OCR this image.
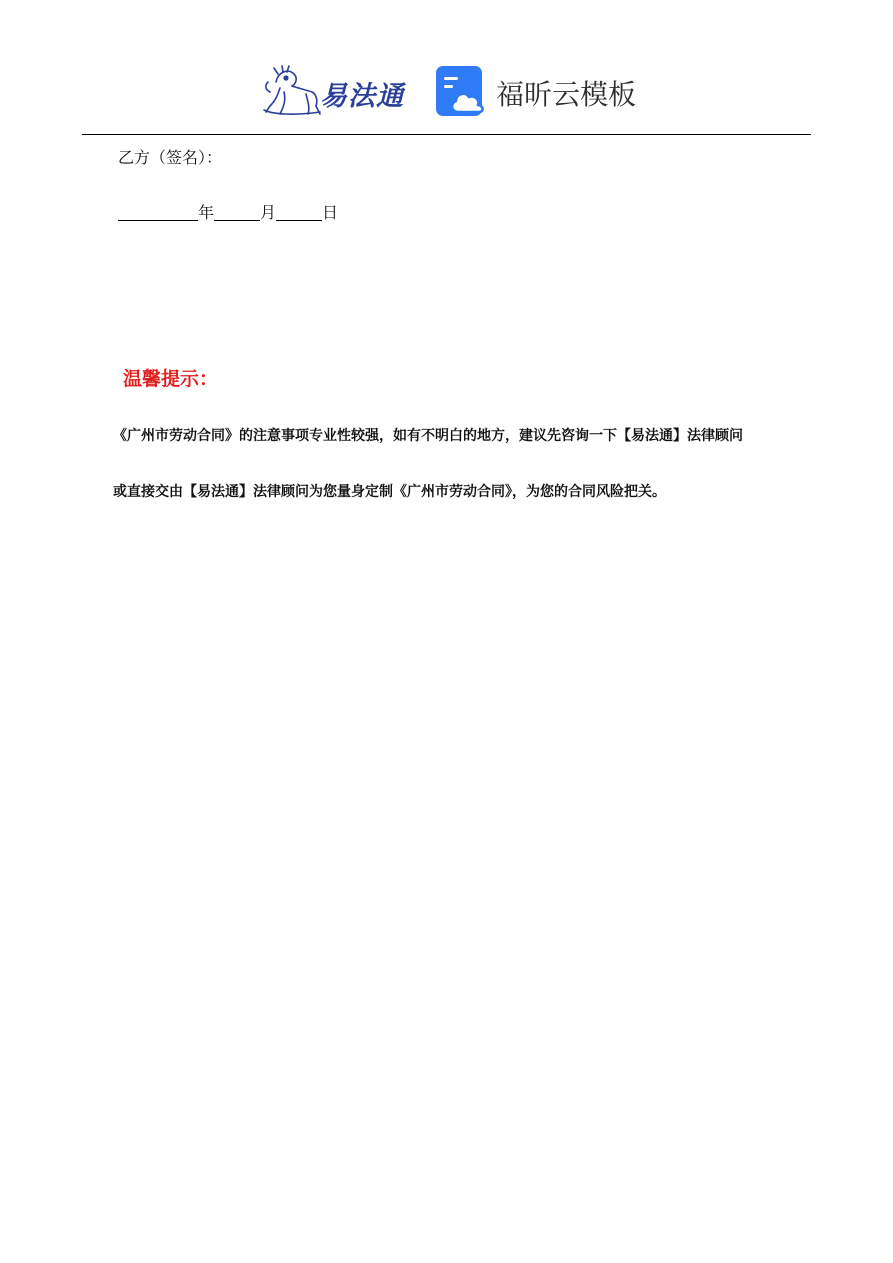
易法通	福昕云模板
乙方（签名）：
年	月	日
温馨提示：
《广州市劳动合同》的注意事项专业性较强，如有不明白的地方，建议先咨询一下【易法通】法律顾问
或直接交由【易法通】法律顾问为您量身定制《广州市劳动合同》，为您的合同风险把关。
